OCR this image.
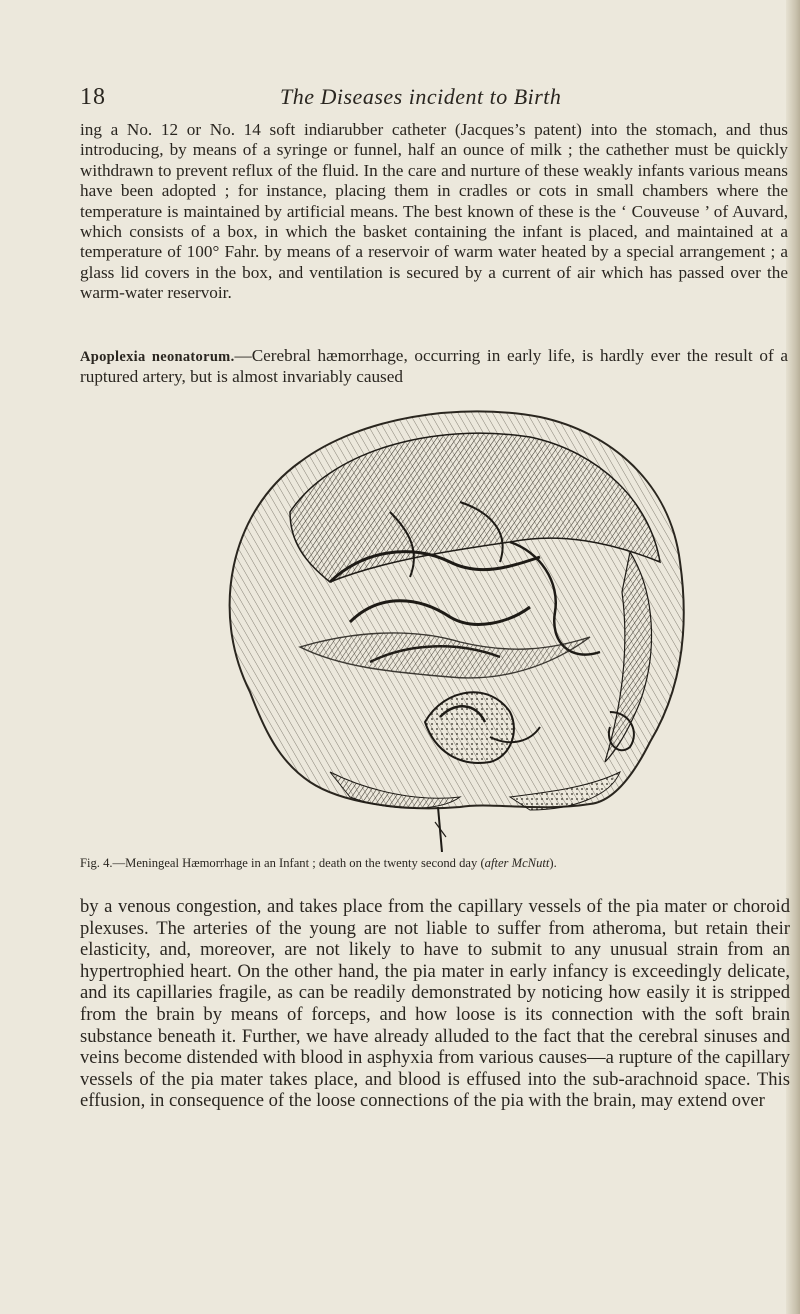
18	The Diseases incident to Birth

ing a No. 12 or No. 14 soft indiarubber catheter (Jacques’s patent) into the stomach, and thus introducing, by means of a syringe or funnel, half an ounce of milk ; the cathether must be quickly withdrawn to prevent reflux of the fluid. In the care and nurture of these weakly infants various means have been adopted ; for instance, placing them in cradles or cots in small chambers where the temperature is maintained by artificial means. The best known of these is the ‘ Couveuse ’ of Auvard, which consists of a box, in which the basket containing the infant is placed, and maintained at a temperature of 100° Fahr. by means of a reservoir of warm water heated by a special arrangement ; a glass lid covers in the box, and ventilation is secured by a current of air which has passed over the warm-water reservoir.

Apoplexia neonatorum.—Cerebral hæmorrhage, occurring in early life, is hardly ever the result of a ruptured artery, but is almost invariably caused

Fig. 4.—Meningeal Hæmorrhage in an Infant ; death on the twenty second day (after McNutt).

by a venous congestion, and takes place from the capillary vessels of the pia mater or choroid plexuses. The arteries of the young are not liable to suffer from atheroma, but retain their elasticity, and, moreover, are not likely to have to submit to any unusual strain from an hypertrophied heart. On the other hand, the pia mater in early infancy is exceedingly delicate, and its capillaries fragile, as can be readily demonstrated by noticing how easily it is stripped from the brain by means of forceps, and how loose is its connection with the soft brain substance beneath it. Further, we have already alluded to the fact that the cerebral sinuses and veins become distended with blood in asphyxia from various causes—a rupture of the capillary vessels of the pia mater takes place, and blood is effused into the sub-arachnoid space. This effusion, in consequence of the loose connections of the pia with the brain, may extend over
